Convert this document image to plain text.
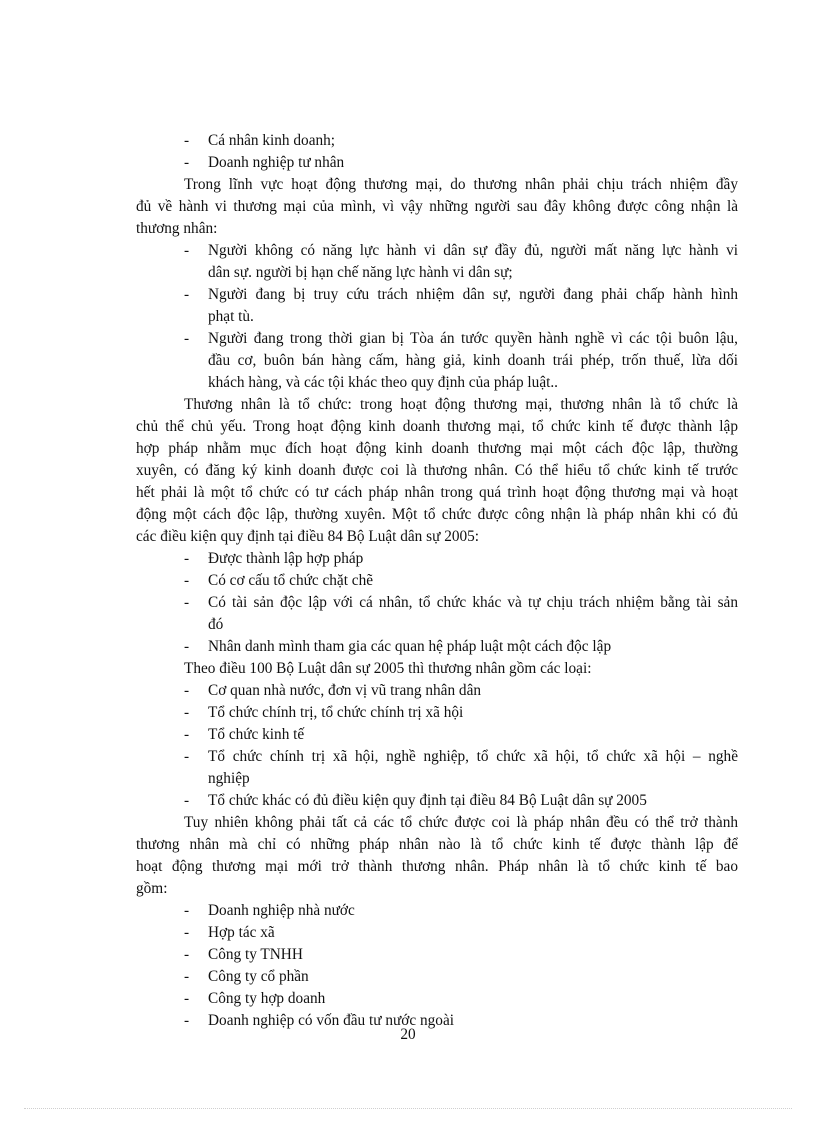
-	Cá nhân kinh doanh;
-	Doanh nghiệp tư nhân
Trong lĩnh vực hoạt động thương mại, do thương nhân phải chịu trách nhiệm đầy
đủ về hành vi thương mại của mình, vì vậy những người sau đây không được công nhận là
thương nhân:
-	Người không có năng lực hành vi dân sự đầy đủ, người mất năng lực hành vi
dân sự. người bị hạn chế năng lực hành vi dân sự;
-	Người đang bị truy cứu trách nhiệm dân sự, người đang phải chấp hành hình
phạt tù.
-	Người đang trong thời gian bị Tòa án tước quyền hành nghề vì các tội buôn lậu,
đầu cơ, buôn bán hàng cấm, hàng giả, kinh doanh trái phép, trốn thuế, lừa dối
khách hàng, và các tội khác theo quy định của pháp luật..
Thương nhân là tổ chức: trong hoạt động thương mại, thương nhân là tổ chức là
chủ thể chủ yếu. Trong hoạt động kinh doanh thương mại, tổ chức kinh tế được thành lập
hợp pháp nhằm mục đích hoạt động kinh doanh thương mại một cách độc lập, thường
xuyên, có đăng ký kinh doanh được coi là thương nhân. Có thể hiểu tổ chức kinh tế trước
hết phải là một tổ chức có tư cách pháp nhân trong quá trình hoạt động thương mại và hoạt
động một cách độc lập, thường xuyên. Một tổ chức được công nhận là pháp nhân khi có đủ
các điều kiện quy định tại điều 84 Bộ Luật dân sự 2005:
-	Được thành lập hợp pháp
-	Có cơ cấu tổ chức chặt chẽ
-	Có tài sản độc lập với cá nhân, tổ chức khác và tự chịu trách nhiệm bằng tài sản
đó
-	Nhân danh mình tham gia các quan hệ pháp luật một cách độc lập
Theo điều 100 Bộ Luật dân sự 2005 thì thương nhân gồm các loại:
-	Cơ quan nhà nước, đơn vị vũ trang nhân dân
-	Tổ chức chính trị, tổ chức chính trị xã hội
-	Tổ chức kinh tế
-	Tổ chức chính trị xã hội, nghề nghiệp, tổ chức xã hội, tổ chức xã hội – nghề
nghiệp
-	Tổ chức khác có đủ điều kiện quy định tại điều 84 Bộ Luật dân sự 2005
Tuy nhiên không phải tất cả các tổ chức được coi là pháp nhân đều có thể trở thành
thương nhân mà chỉ có những pháp nhân nào là tổ chức kinh tế được thành lập để
hoạt động thương mại mới trở thành thương nhân. Pháp nhân là tổ chức kinh tế bao
gồm:
-	Doanh nghiệp nhà nước
-	Hợp tác xã
-	Công ty TNHH
-	Công ty cổ phần
-	Công ty hợp doanh
-	Doanh nghiệp có vốn đầu tư nước ngoài
20
